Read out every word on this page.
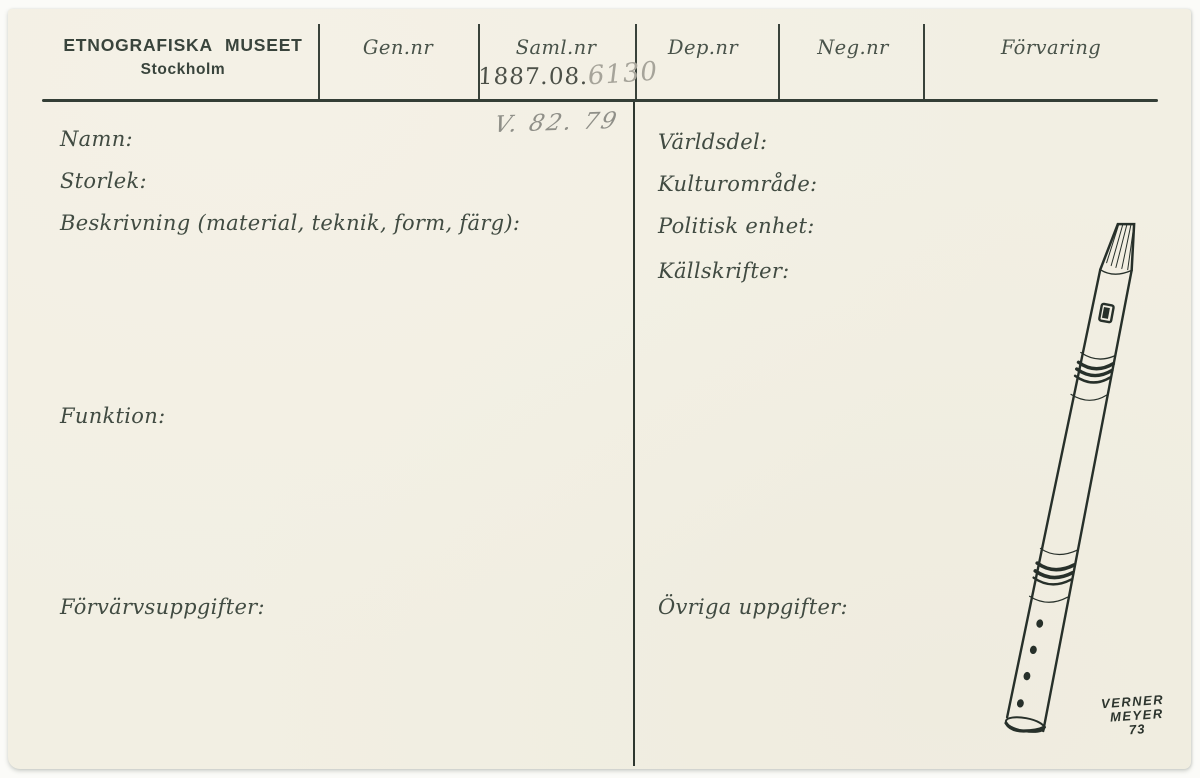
ETNOGRAFISKA MUSEET
Stockholm
Gen.nr	Saml.nr	Dep.nr	Neg.nr	Förvaring
1887.08.6130
V. 82. 79
Namn:
Storlek:
Beskrivning (material, teknik, form, färg):
Funktion:
Förvärvsuppgifter:
Världsdel:
Kulturområde:
Politisk enhet:
Källskrifter:
Övriga uppgifter:
VERNER
MEYER
73
